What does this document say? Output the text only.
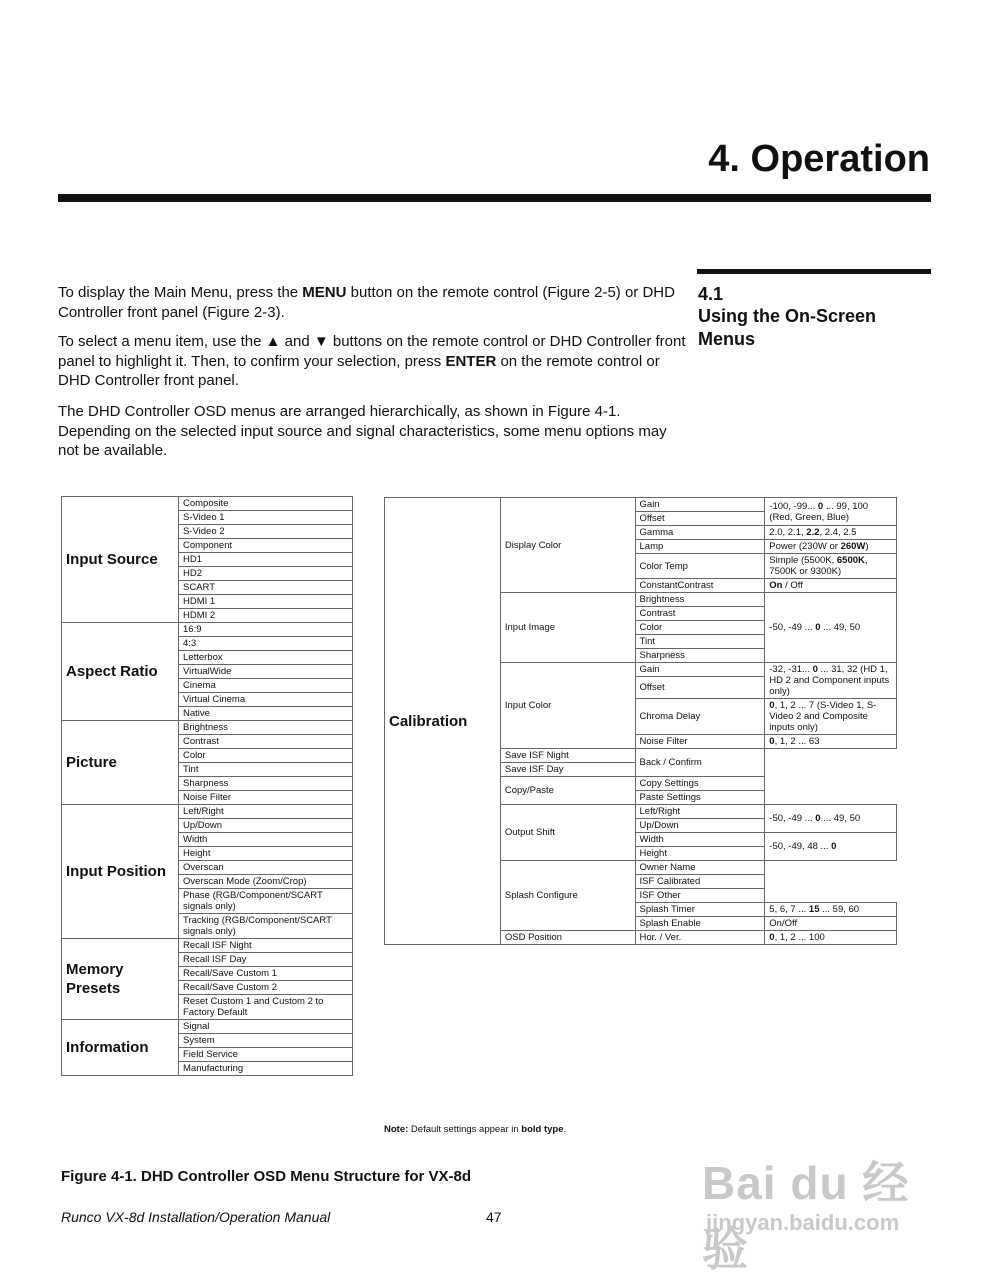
4. Operation
4.1
Using the On-Screen Menus

To display the Main Menu, press the MENU button on the remote control (Figure 2-5) or DHD Controller front panel (Figure 2-3).

To select a menu item, use the ▲ and ▼ buttons on the remote control or DHD Controller front panel to highlight it. Then, to confirm your selection, press ENTER on the remote control or DHD Controller front panel.

The DHD Controller OSD menus are arranged hierarchically, as shown in Figure 4-1. Depending on the selected input source and signal characteristics, some menu options may not be available.

Input Source	Composite
	S-Video 1
	S-Video 2
	Component
	HD1
	HD2
	SCART
	HDMI 1
	HDMI 2
Aspect Ratio	16:9
	4:3
	Letterbox
	VirtualWide
	Cinema
	Virtual Cinema
	Native
Picture	Brightness
	Contrast
	Color
	Tint
	Sharpness
	Noise Filter
Input Position	Left/Right
	Up/Down
	Width
	Height
	Overscan
	Overscan Mode (Zoom/Crop)
	Phase (RGB/Component/SCART signals only)
	Tracking (RGB/Component/SCART signals only)
Memory Presets	Recall ISF Night
	Recall ISF Day
	Recall/Save Custom 1
	Recall/Save Custom 2
	Reset Custom 1 and Custom 2 to Factory Default
Information	Signal
	System
	Field Service
	Manufacturing
Calibration	Display Color	Gain	-100, -99... 0 ... 99, 100 (Red, Green, Blue)
		Offset	
		Gamma	2.0, 2.1, 2.2, 2.4, 2.5
		Lamp	Power (230W or 260W)
		Color Temp	Simple (5500K, 6500K, 7500K or 9300K)

		ConstantContrast	On / Off
	Input Image	Brightness	-50, -49 ... 0 ... 49, 50
		Contrast	
		Color	
		Tint	
		Sharpness	
	Input Color	Gain	-32, -31... 0 ... 31, 32 (HD 1, HD 2 and Component inputs only)
		Offset	

		Chroma Delay	0, 1, 2 ... 7 (S-Video 1, S-Video 2 and Composite inputs only)

		Noise Filter	0, 1, 2 ... 63
	Save ISF Night	Back / Confirm	
	Save ISF Day		
	Copy/Paste	Copy Settings	
		Paste Settings	
	Output Shift	Left/Right	-50, -49 ... 0 ... 49, 50
		Up/Down	
		Width	-50, -49, 48 ... 0
		Height	
	Splash Configure	Owner Name	
		ISF Calibrated	
		ISF Other	
		Splash Timer	5, 6, 7 ... 15 ... 59, 60
		Splash Enable	On/Off
	OSD Position	Hor. / Ver.	0, 1, 2 ... 100
Note: Default settings appear in bold type.
Figure 4-1. DHD Controller OSD Menu Structure for VX-8d
Runco VX-8d Installation/Operation Manual	47
Bai du 经验
jingyan.baidu.com
